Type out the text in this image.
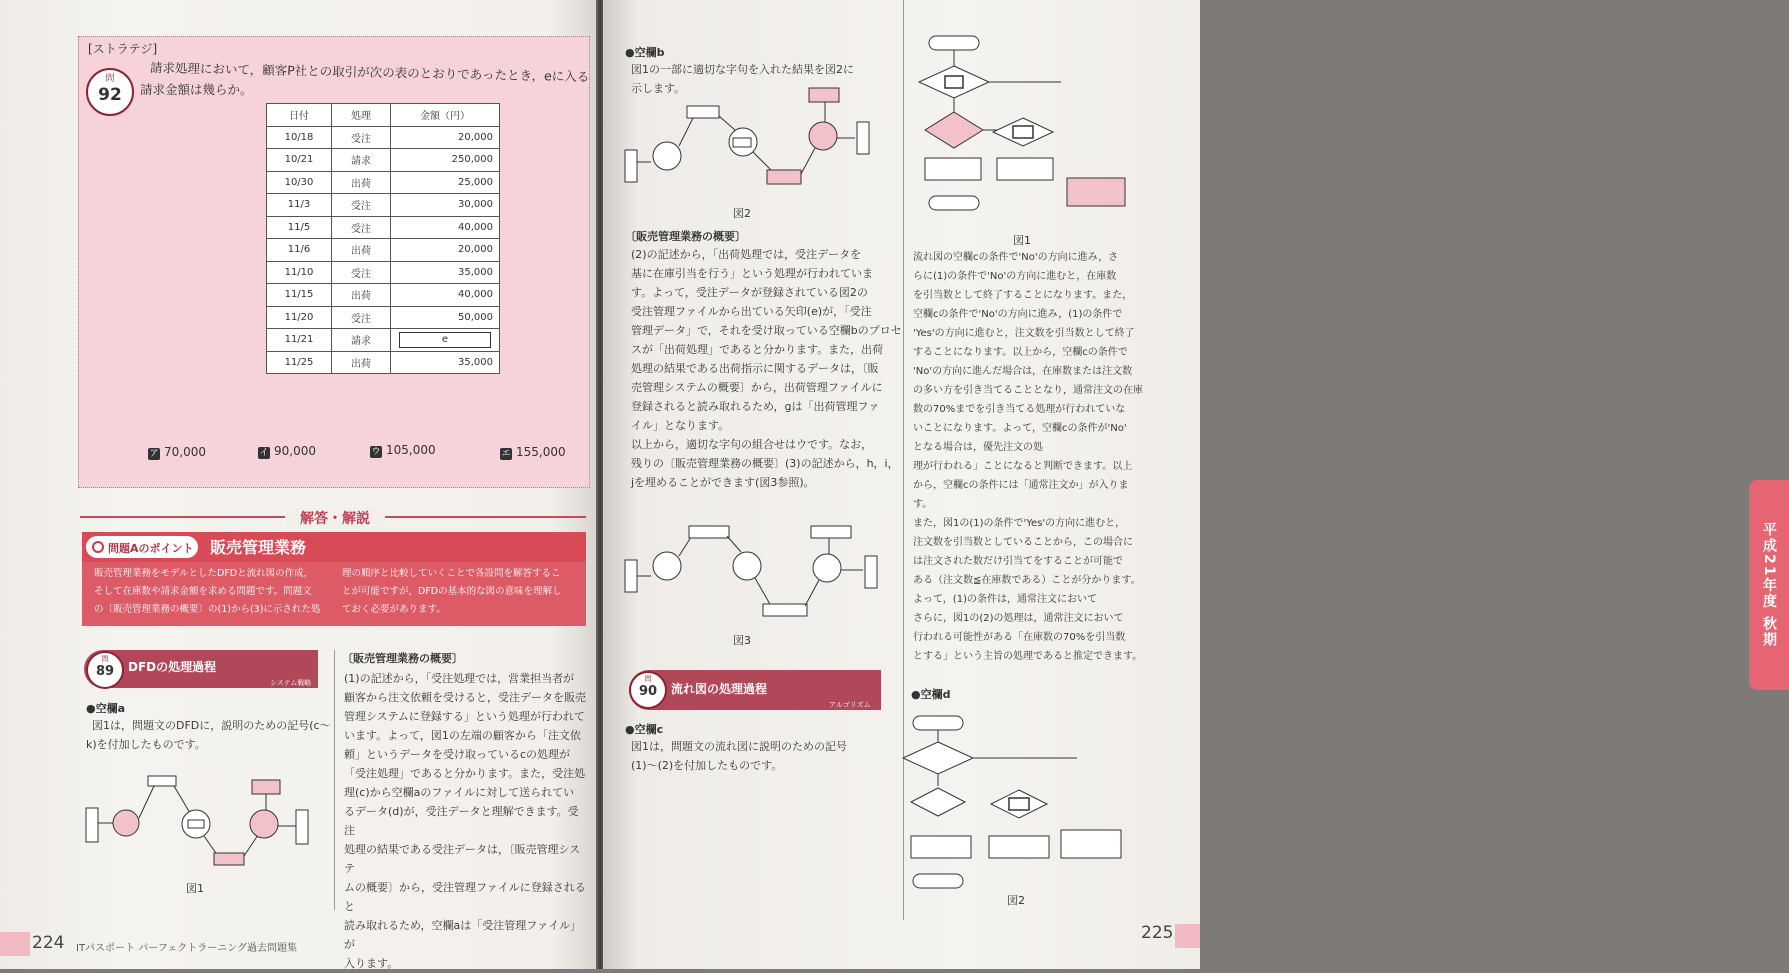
[ストラテジ]
問
92
請求処理において，顧客P社との取引が次の表のとおりであったとき，eに入る
請求金額は幾らか。
日付	処理	金額（円）
10/18	受注	20,000
10/21	請求	250,000
10/30	出荷	25,000
11/3	受注	30,000
11/5	受注	40,000
11/6	出荷	20,000
11/10	受注	35,000
11/15	出荷	40,000
11/20	受注	50,000
11/21	請求	e

11/25	出荷	35,000
ア 70,000	イ 90,000	ウ 105,000	エ 155,000
解答・解説
問題Aのポイント 販売管理業務
販売管理業務をモデルとしたDFDと流れ図の作成，
そして在庫数や請求金額を求める問題です。問題文
の〔販売管理業務の概要〕の(1)から(3)に示された処
理の順序と比較していくことで各設問を解答するこ
とが可能ですが，DFDの基本的な図の意味を理解し
ておく必要があります。
問
89	DFDの処理過程
システム戦略
●空欄a
図1は，問題文のDFDに，説明のための記号(c～
k)を付加したものです。
図1
〔販売管理業務の概要〕
(1)の記述から，「受注処理では，営業担当者が
顧客から注文依頼を受けると，受注データを販売
管理システムに登録する」という処理が行われて
います。よって，図1の左端の顧客から「注文依
頼」というデータを受け取っているcの処理が
「受注処理」であると分かります。また，受注処
理(c)から空欄aのファイルに対して送られてい
るデータ(d)が，受注データと理解できます。受注
処理の結果である受注データは，〔販売管理システ
ムの概要〕から，受注管理ファイルに登録されると
読み取れるため，空欄aは「受注管理ファイル」が
入ります。
224 ITパスポート パーフェクトラーニング過去問題集
●空欄b
図1の一部に適切な字句を入れた結果を図2に
示します。
図2
〔販売管理業務の概要〕
(2)の記述から，「出荷処理では，受注データを
基に在庫引当を行う」という処理が行われていま
す。よって，受注データが登録されている図2の
受注管理ファイルから出ている矢印(e)が，「受注
管理データ」で，それを受け取っている空欄bのプロセ
スが「出荷処理」であると分かります。また，出荷
処理の結果である出荷指示に関するデータは，〔販
売管理システムの概要〕から，出荷管理ファイルに
登録されると読み取れるため，gは「出荷管理ファ
イル」となります。
以上から，適切な字句の組合せはウです。なお，
残りの〔販売管理業務の概要〕(3)の記述から，h，i，
jを埋めることができます(図3参照)。
図3
問
90	流れ図の処理過程
アルゴリズム
●空欄c
図1は，問題文の流れ図に説明のための記号
(1)～(2)を付加したものです。
図1
流れ図の空欄cの条件で'No'の方向に進み，さ
らに(1)の条件で'No'の方向に進むと，在庫数
を引当数として終了することになります。また，
空欄cの条件で'No'の方向に進み，(1)の条件で
'Yes'の方向に進むと，注文数を引当数として終了
することになります。以上から，空欄cの条件で
'No'の方向に進んだ場合は，在庫数または注文数
の多い方を引き当てることとなり，通常注文の在庫
数の70%までを引き当てる処理が行われていな
いことになります。よって，空欄cの条件が'No'
となる場合は，優先注文の処
理が行われる」ことになると判断できます。以上
から，空欄cの条件には「通常注文か」が入ります。
また，図1の(1)の条件で'Yes'の方向に進むと，
注文数を引当数としていることから，この場合に
は注文された数だけ引当てをすることが可能で
ある（注文数≦在庫数である）ことが分かります。
よって，(1)の条件は，通常注文において
さらに，図1の(2)の処理は，通常注文において
行われる可能性がある「在庫数の70%を引当数
とする」という主旨の処理であると推定できます。
●空欄d
図2
平成21年度 秋期
225
